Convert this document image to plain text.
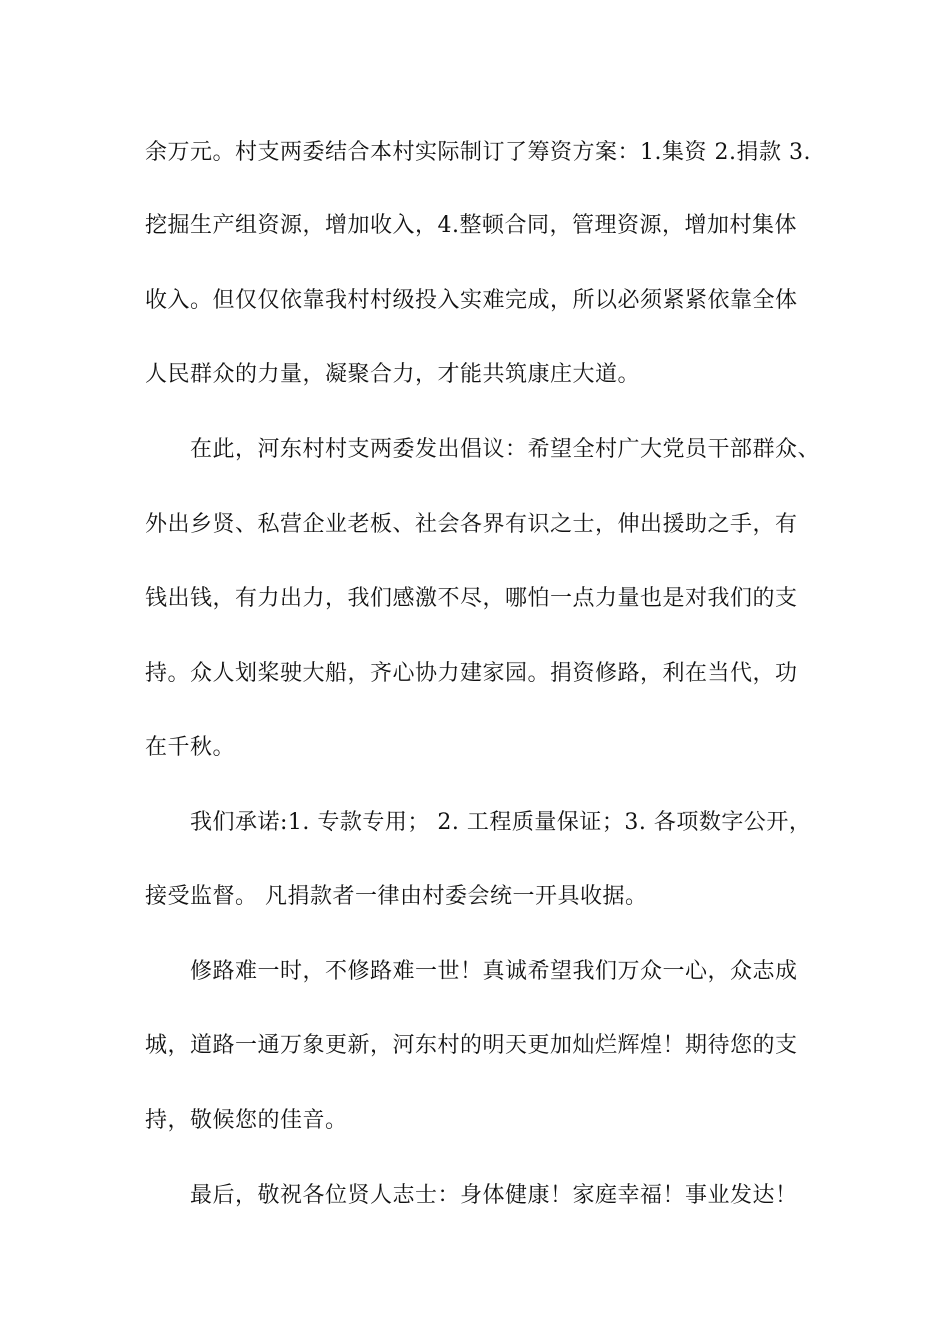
余万元。村支两委结合本村实际制订了筹资方案：1.集资 2.捐款 3.
挖掘生产组资源，增加收入，4.整顿合同，管理资源，增加村集体
收入。但仅仅依靠我村村级投入实难完成，所以必须紧紧依靠全体
人民群众的力量，凝聚合力，才能共筑康庄大道。
在此，河东村村支两委发出倡议：希望全村广大党员干部群众、
外出乡贤、私营企业老板、社会各界有识之士，伸出援助之手，有
钱出钱，有力出力，我们感激不尽，哪怕一点力量也是对我们的支
持。众人划桨驶大船，齐心协力建家园。捐资修路，利在当代，功
在千秋。
我们承诺:1. 专款专用； 2. 工程质量保证；3. 各项数字公开，
接受监督。 凡捐款者一律由村委会统一开具收据。
修路难一时，不修路难一世！真诚希望我们万众一心，众志成
城，道路一通万象更新，河东村的明天更加灿烂辉煌！期待您的支
持，敬候您的佳音。
最后，敬祝各位贤人志士：身体健康！家庭幸福！事业发达！
